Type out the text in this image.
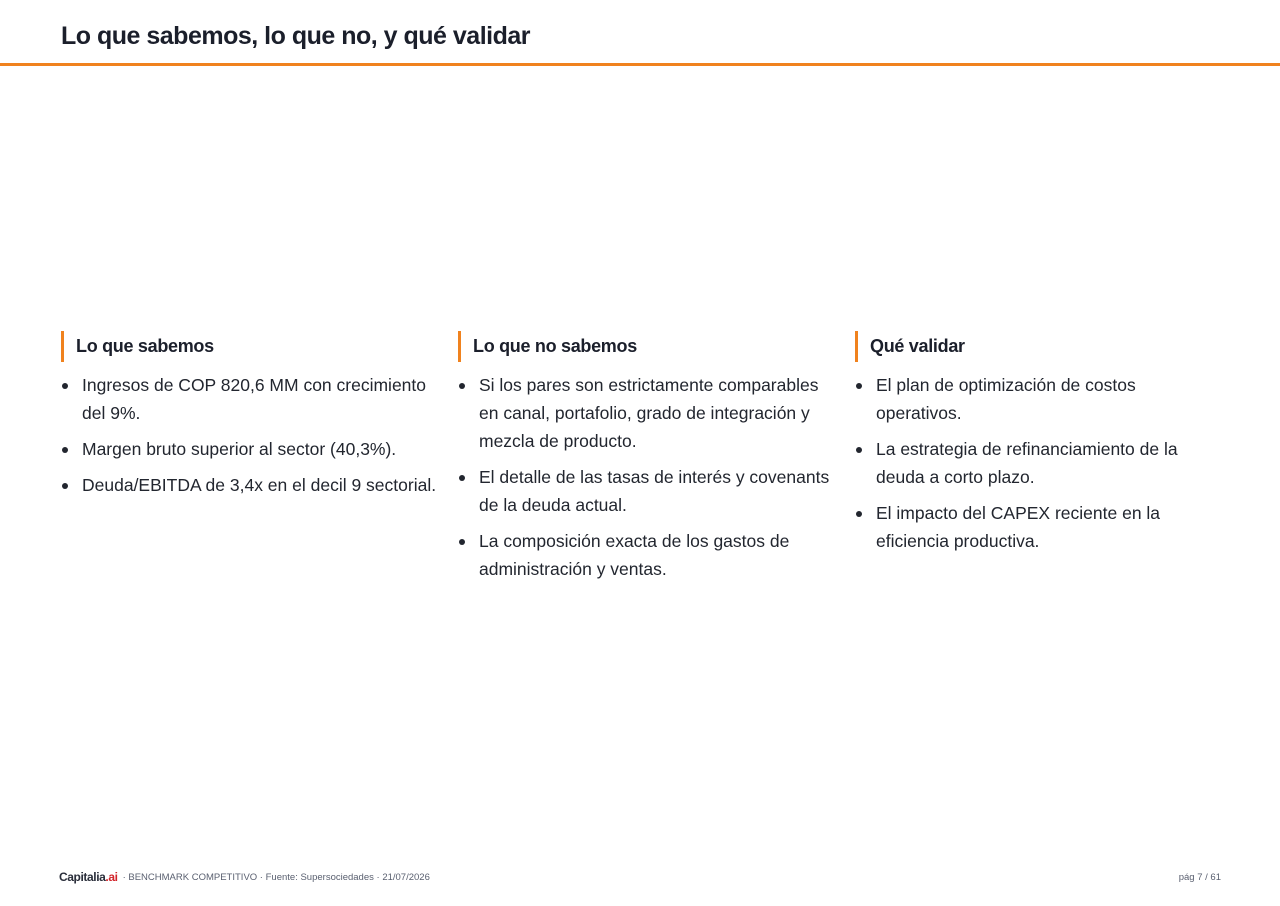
Lo que sabemos, lo que no, y qué validar
Lo que sabemos
Ingresos de COP 820,6 MM con crecimiento del 9%.
Margen bruto superior al sector (40,3%).
Deuda/EBITDA de 3,4x en el decil 9 sectorial.
Lo que no sabemos
Si los pares son estrictamente comparables en canal, portafolio, grado de integración y mezcla de producto.
El detalle de las tasas de interés y covenants de la deuda actual.
La composición exacta de los gastos de administración y ventas.
Qué validar
El plan de optimización de costos operativos.
La estrategia de refinanciamiento de la deuda a corto plazo.
El impacto del CAPEX reciente en la eficiencia productiva.
Capitalia.ai · BENCHMARK COMPETITIVO · Fuente: Supersociedades · 21/07/2026	pág 7 / 61
